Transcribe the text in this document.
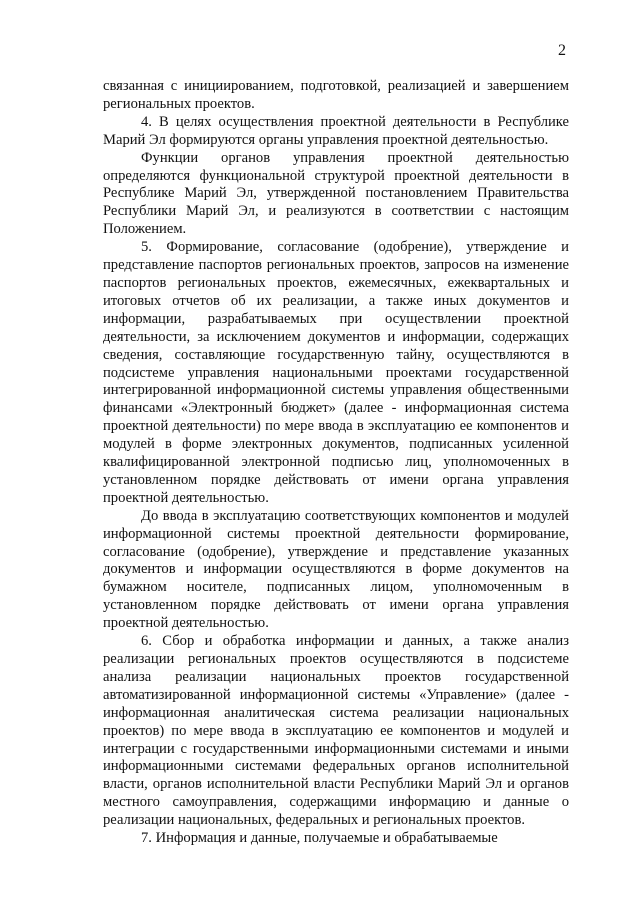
2

связанная с инициированием, подготовкой, реализацией и завершением региональных проектов.

4. В целях осуществления проектной деятельности в Республике Марий Эл формируются органы управления проектной деятельностью.

Функции органов управления проектной деятельностью определяются функциональной структурой проектной деятельности в Республике Марий Эл, утвержденной постановлением Правительства Республики Марий Эл, и реализуются в соответствии с настоящим Положением.

5. Формирование, согласование (одобрение), утверждение и представление паспортов региональных проектов, запросов на изменение паспортов региональных проектов, ежемесячных, ежеквартальных и итоговых отчетов об их реализации, а также иных документов и информации, разрабатываемых при осуществлении проектной деятельности, за исключением документов и информации, содержащих сведения, составляющие государственную тайну, осуществляются в подсистеме управления национальными проектами государственной интегрированной информационной системы управления общественными финансами «Электронный бюджет» (далее - информационная система проектной деятельности) по мере ввода в эксплуатацию ее компонентов и модулей в форме электронных документов, подписанных усиленной квалифицированной электронной подписью лиц, уполномоченных в установленном порядке действовать от имени органа управления проектной деятельностью.

До ввода в эксплуатацию соответствующих компонентов и модулей информационной системы проектной деятельности формирование, согласование (одобрение), утверждение и представление указанных документов и информации осуществляются в форме документов на бумажном носителе, подписанных лицом, уполномоченным в установленном порядке действовать от имени органа управления проектной деятельностью.

6. Сбор и обработка информации и данных, а также анализ реализации региональных проектов осуществляются в подсистеме анализа реализации национальных проектов государственной автоматизированной информационной системы «Управление» (далее - информационная аналитическая система реализации национальных проектов) по мере ввода в эксплуатацию ее компонентов и модулей и интеграции с государственными информационными системами и иными информационными системами федеральных органов исполнительной власти, органов исполнительной власти Республики Марий Эл и органов местного самоуправления, содержащими информацию и данные о реализации национальных, федеральных и региональных проектов.

7. Информация и данные, получаемые и обрабатываемые
